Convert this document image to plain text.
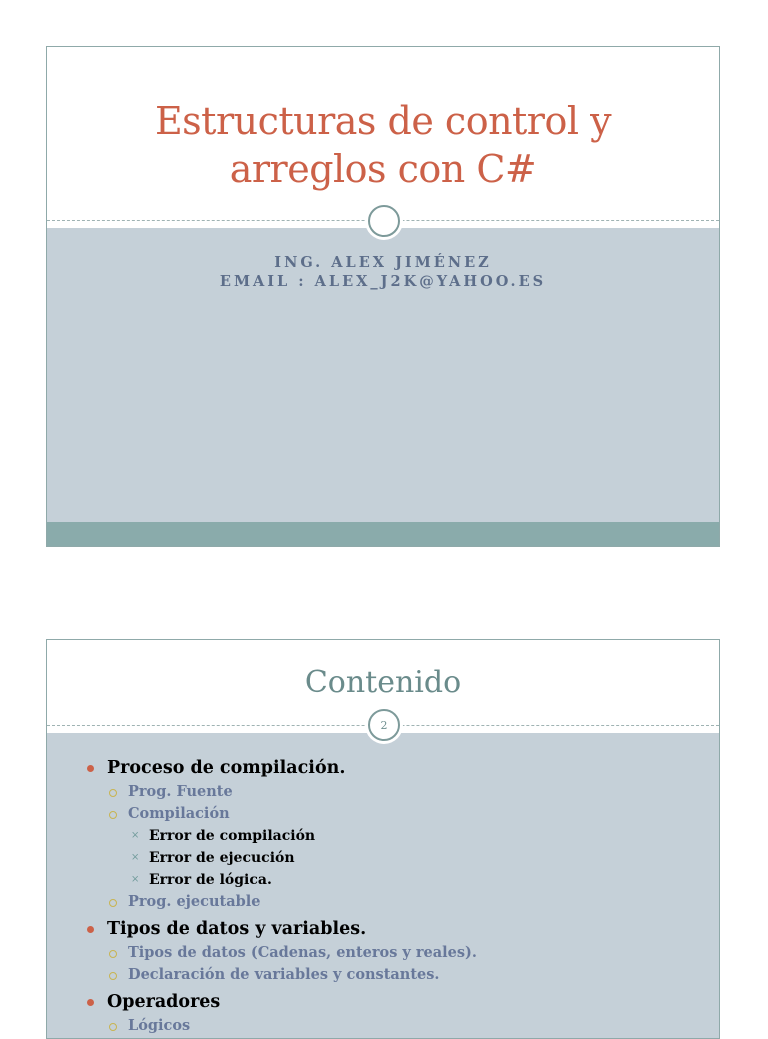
Estructuras de control y
arreglos con C#
ING. ALEX JIMÉNEZ
EMAIL : ALEX_J2K@YAHOO.ES
Contenido
2
Proceso de compilación.
Prog. Fuente
Compilación
× Error de compilación
× Error de ejecución
× Error de lógica.
Prog. ejecutable
Tipos de datos y variables.
Tipos de datos (Cadenas, enteros y reales).
Declaración de variables y constantes.
Operadores
Lógicos
